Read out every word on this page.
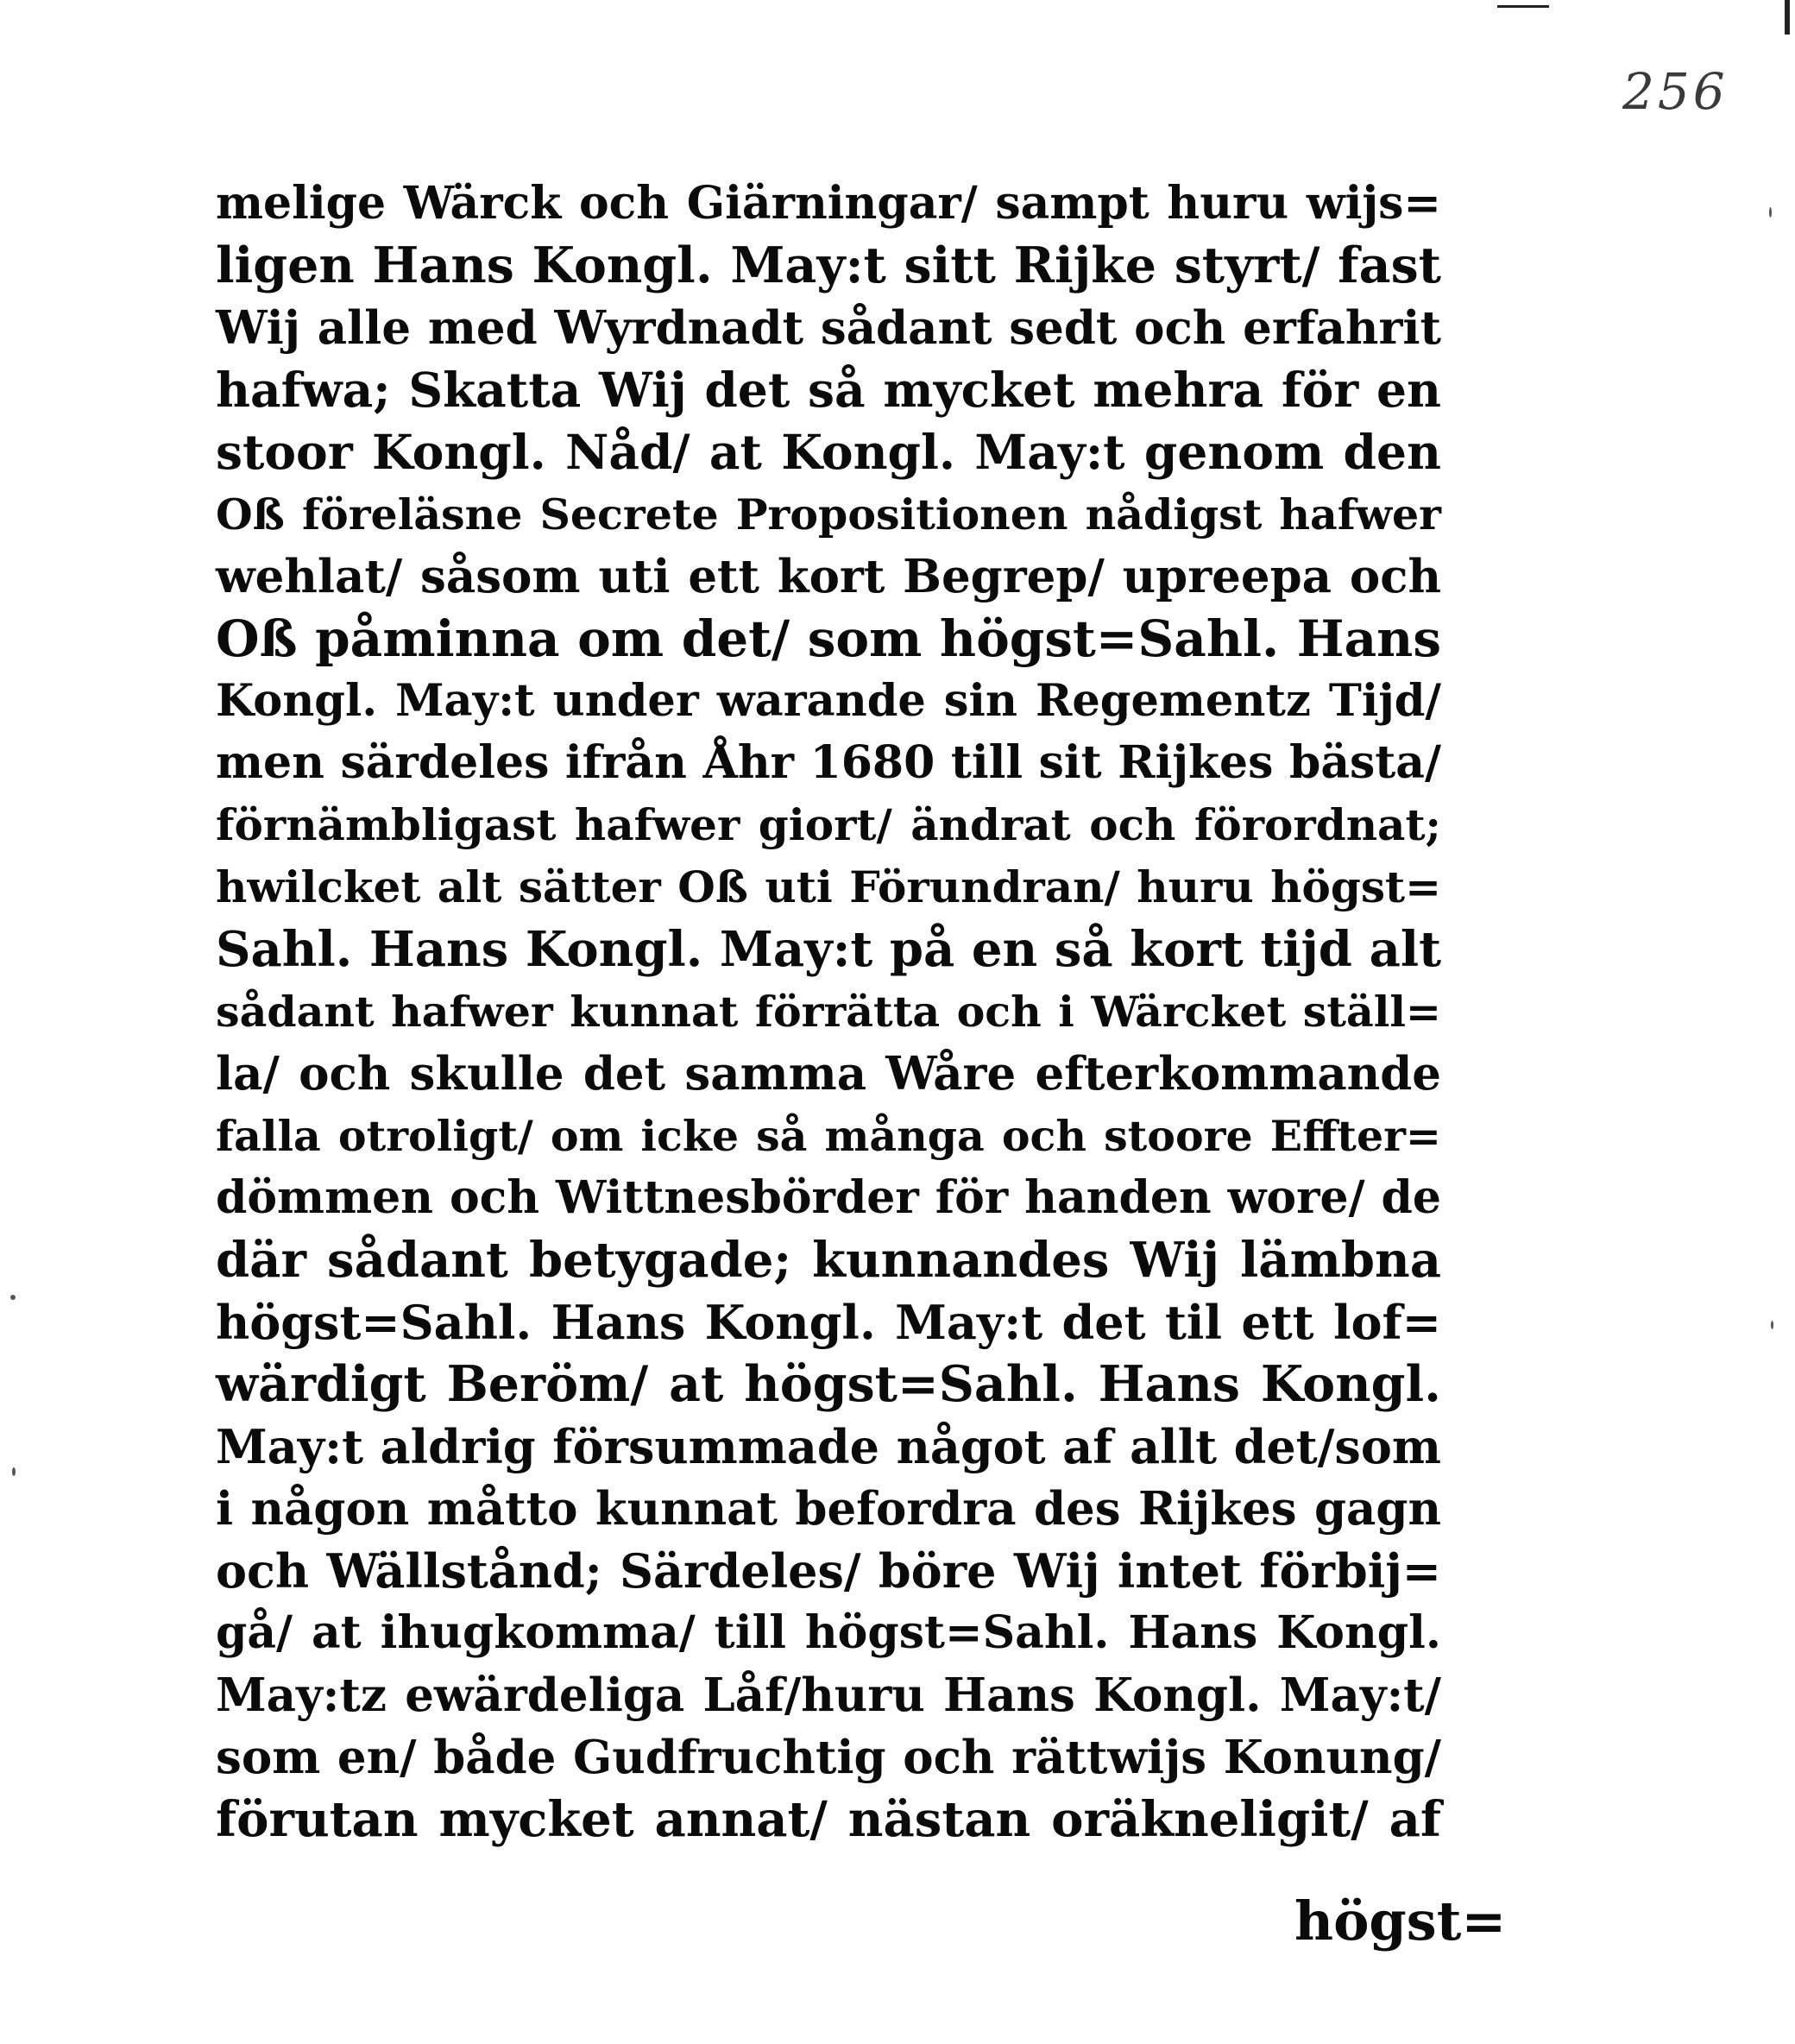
256
melige Wärck och Giärningar/ sampt huru wijs=
ligen Hans Kongl. May:t sitt Rijke styrt/ fast
Wij alle med Wyrdnadt sådant sedt och erfahrit
hafwa; Skatta Wij det så mycket mehra för en
stoor Kongl. Nåd/ at Kongl. May:t genom den
Oß föreläsne Secrete Propositionen nådigst hafwer
wehlat/ såsom uti ett kort Begrep/ upreepa och
Oß påminna om det/ som högst=Sahl. Hans
Kongl. May:t under warande sin Regementz Tijd/
men särdeles ifrån Åhr 1680 till sit Rijkes bästa/
förnämbligast hafwer giort/ ändrat och förordnat;
hwilcket alt sätter Oß uti Förundran/ huru högst=
Sahl. Hans Kongl. May:t på en så kort tijd alt
sådant hafwer kunnat förrätta och i Wärcket ställ=
la/ och skulle det samma Wåre efterkommande
falla otroligt/ om icke så många och stoore Effter=
dömmen och Wittnesbörder för handen wore/ de
där sådant betygade; kunnandes Wij lämbna
högst=Sahl. Hans Kongl. May:t det til ett lof=
wärdigt Beröm/ at högst=Sahl. Hans Kongl.
May:t aldrig försummade något af allt det/som
i någon måtto kunnat befordra des Rijkes gagn
och Wällstånd; Särdeles/ böre Wij intet förbij=
gå/ at ihugkomma/ till högst=Sahl. Hans Kongl.
May:tz ewärdeliga Låf/huru Hans Kongl. May:t/
som en/ både Gudfruchtig och rättwijs Konung/
förutan mycket annat/ nästan oräkneligit/ af
högst=
